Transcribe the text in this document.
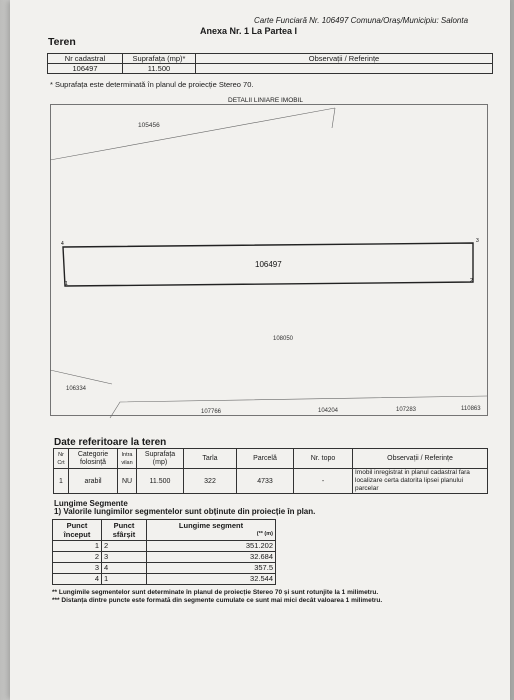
Carte Funciară Nr. 106497 Comuna/Oraș/Municipiu: Salonta
Anexa Nr. 1 La Partea I
Teren
Nr cadastral	Suprafața (mp)*	Observații / Referințe
106497	11.500	
* Suprafața este determinată în planul de proiecție Stereo 70.
DETALII LINIARE IMOBIL
105456
106497
108050
106334
107766	104204	107283	110863
1	2
3
4
Date referitoare la teren
Nr Crt	Categorie folosință	Intra vilan	Suprafața (mp)	Tarla	Parcelă	Nr. topo	Observații / Referințe
1	arabil	NU	11.500	322	4733	-	Imobil inregistrat in planul cadastral fara localizare certa datorita lipsei planului parcelar
Lungime Segmente
1) Valorile lungimilor segmentelor sunt obținute din proiecție în plan.
Punct început	Punct sfârșit	Lungime segment

(** (m)

1	2	351.202
2	3	32.684
3	4	357.5
4	1	32.544
** Lungimile segmentelor sunt determinate în planul de proiecție Stereo 70 și sunt rotunjite la 1 milimetru.
*** Distanța dintre puncte este formată din segmente cumulate ce sunt mai mici decât valoarea 1 milimetru.
